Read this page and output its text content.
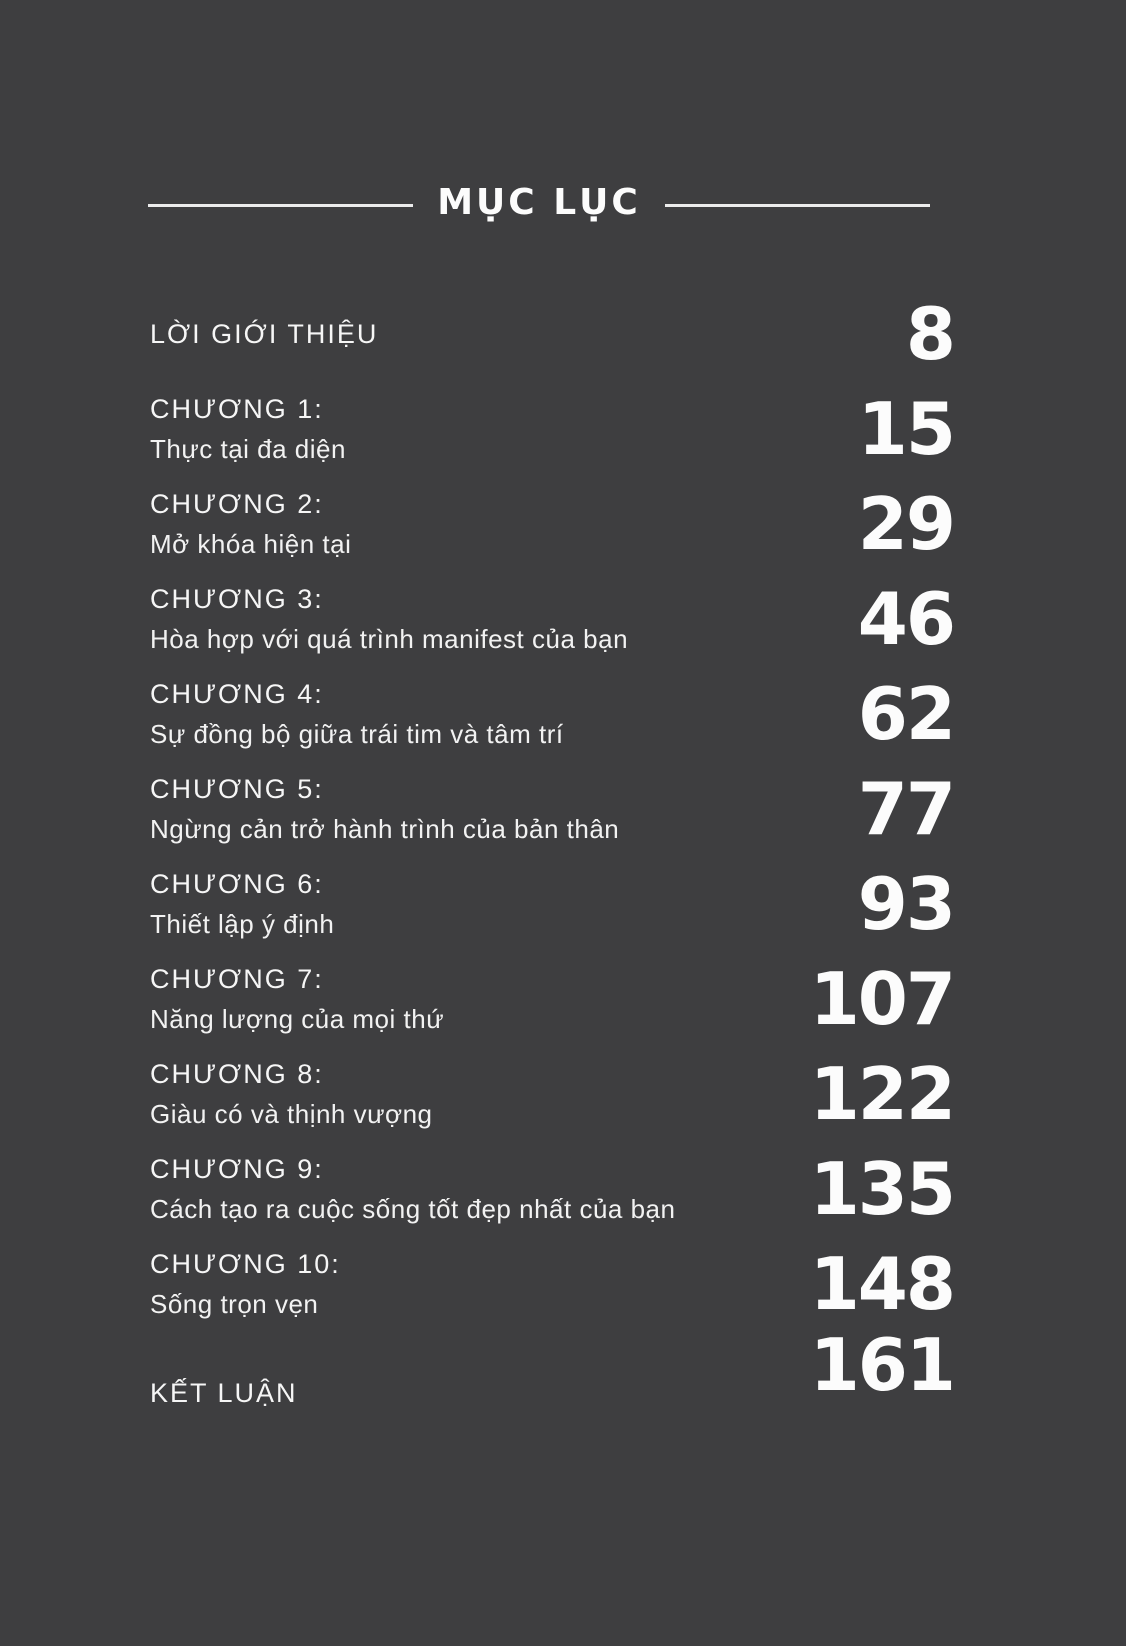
MỤC LỤC
LỜI GIỚI THIỆU	8
CHƯƠNG 1:
Thực tại đa diện	15
CHƯƠNG 2:
Mở khóa hiện tại	29
CHƯƠNG 3:
Hòa hợp với quá trình manifest của bạn	46
CHƯƠNG 4:
Sự đồng bộ giữa trái tim và tâm trí	62
CHƯƠNG 5:
Ngừng cản trở hành trình của bản thân	77
CHƯƠNG 6:
Thiết lập ý định	93
CHƯƠNG 7:
Năng lượng của mọi thứ	107
CHƯƠNG 8:
Giàu có và thịnh vượng	122
CHƯƠNG 9:
Cách tạo ra cuộc sống tốt đẹp nhất của bạn 135
CHƯƠNG 10:
Sống trọn vẹn	148
KẾT LUẬN	161
